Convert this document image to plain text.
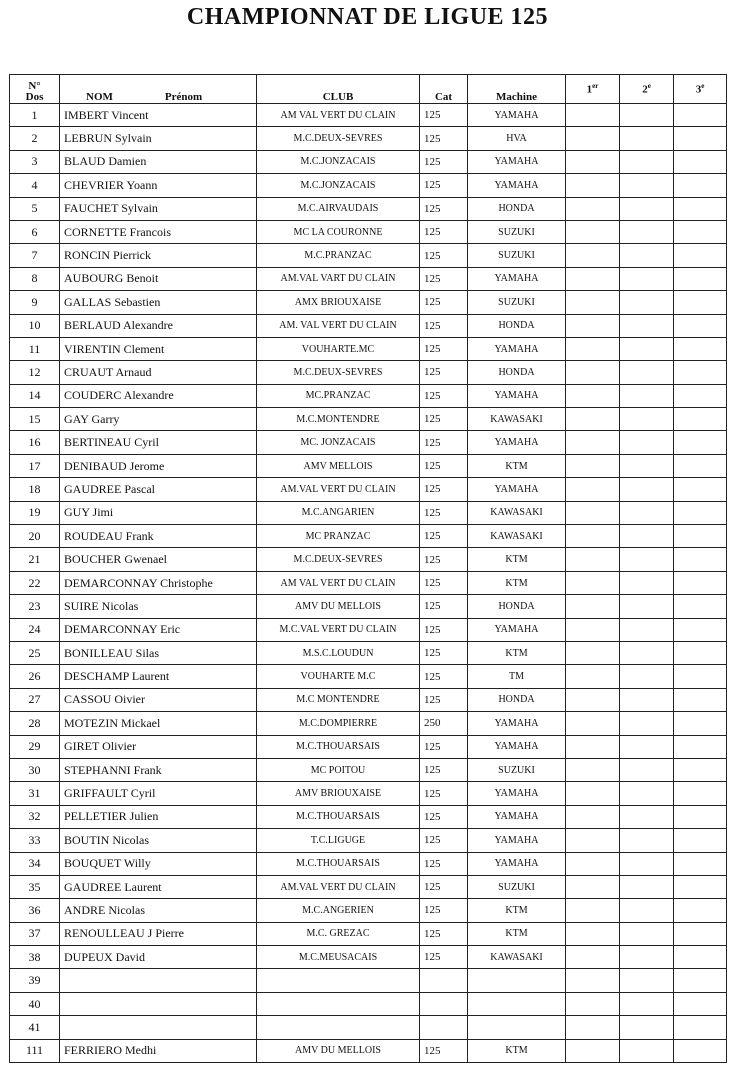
CHAMPIONNAT DE LIGUE 125
N°
Dos	NOM Prénom	CLUB	Cat	Machine	1er	2e	3e
1	IMBERT Vincent	AM VAL VERT DU CLAIN	125	YAMAHA			
2	LEBRUN Sylvain	M.C.DEUX-SEVRES	125	HVA			
3	BLAUD Damien	M.C.JONZACAIS	125	YAMAHA			
4	CHEVRIER Yoann	M.C.JONZACAIS	125	YAMAHA			
5	FAUCHET Sylvain	M.C.AIRVAUDAIS	125	HONDA			
6	CORNETTE Francois	MC LA COURONNE	125	SUZUKI			
7	RONCIN Pierrick	M.C.PRANZAC	125	SUZUKI			
8	AUBOURG Benoit	AM.VAL VART DU CLAIN	125	YAMAHA			
9	GALLAS Sebastien	AMX BRIOUXAISE	125	SUZUKI			
10	BERLAUD Alexandre	AM. VAL VERT DU CLAIN	125	HONDA			
11	VIRENTIN Clement	VOUHARTE.MC	125	YAMAHA			
12	CRUAUT Arnaud	M.C.DEUX-SEVRES	125	HONDA			
14	COUDERC Alexandre	MC.PRANZAC	125	YAMAHA			
15	GAY Garry	M.C.MONTENDRE	125	KAWASAKI			
16	BERTINEAU Cyril	MC. JONZACAIS	125	YAMAHA			
17	DENIBAUD Jerome	AMV MELLOIS	125	KTM			
18	GAUDREE Pascal	AM.VAL VERT DU CLAIN	125	YAMAHA			
19	GUY Jimi	M.C.ANGARIEN	125	KAWASAKI			
20	ROUDEAU Frank	MC PRANZAC	125	KAWASAKI			
21	BOUCHER Gwenael	M.C.DEUX-SEVRES	125	KTM			
22	DEMARCONNAY Christophe	AM VAL VERT DU CLAIN	125	KTM			
23	SUIRE Nicolas	AMV DU MELLOIS	125	HONDA			
24	DEMARCONNAY Eric	M.C.VAL VERT DU CLAIN	125	YAMAHA			
25	BONILLEAU Silas	M.S.C.LOUDUN	125	KTM			
26	DESCHAMP Laurent	VOUHARTE M.C	125	TM			
27	CASSOU Oivier	M.C MONTENDRE	125	HONDA			
28	MOTEZIN Mickael	M.C.DOMPIERRE	250	YAMAHA			
29	GIRET Olivier	M.C.THOUARSAIS	125	YAMAHA			
30	STEPHANNI Frank	MC POITOU	125	SUZUKI			
31	GRIFFAULT Cyril	AMV BRIOUXAISE	125	YAMAHA			
32	PELLETIER Julien	M.C.THOUARSAIS	125	YAMAHA			
33	BOUTIN Nicolas	T.C.LIGUGE	125	YAMAHA			
34	BOUQUET Willy	M.C.THOUARSAIS	125	YAMAHA			
35	GAUDREE Laurent	AM.VAL VERT DU CLAIN	125	SUZUKI			
36	ANDRE Nicolas	M.C.ANGERIEN	125	KTM			
37	RENOULLEAU J Pierre	M.C. GREZAC	125	KTM			
38	DUPEUX David	M.C.MEUSACAIS	125	KAWASAKI			
39							
40							
41							
111	FERRIERO Medhi	AMV DU MELLOIS	125	KTM			
